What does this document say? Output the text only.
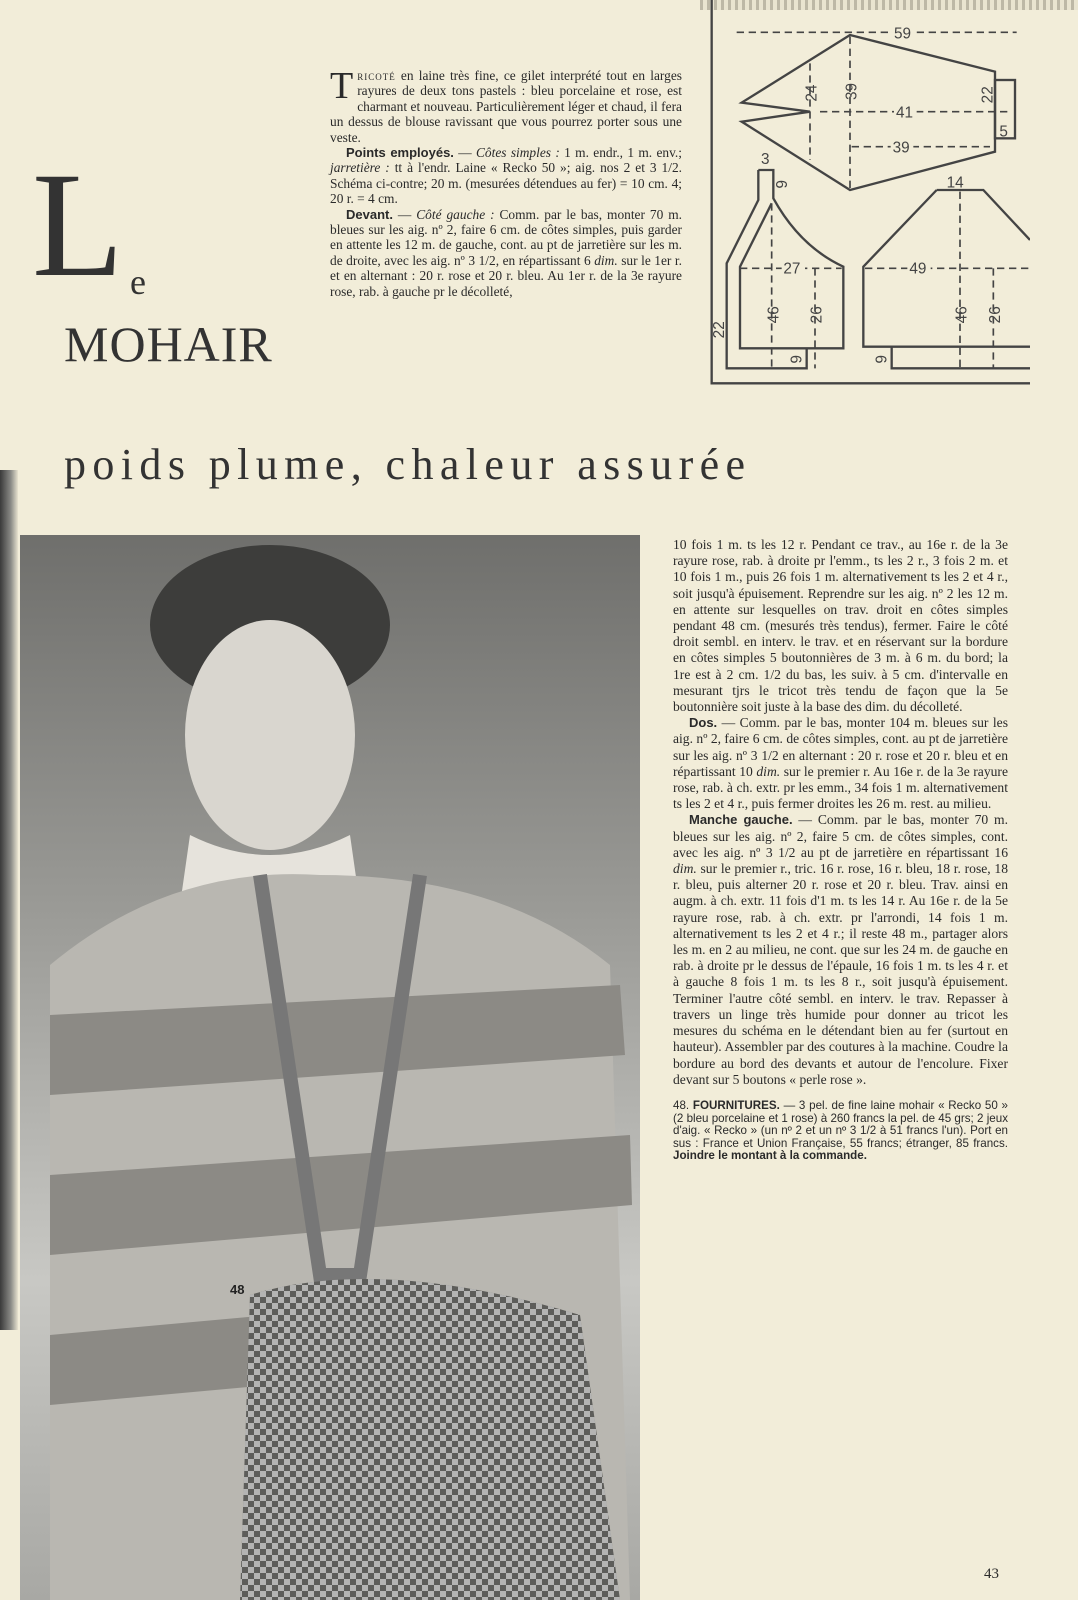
L e
MOHAIR
poids plume, chaleur assurée

Tricoté en laine très fine, ce gilet interprété tout en larges rayures de deux tons pastels : bleu porcelaine et rose, est charmant et nouveau. Particulièrement léger et chaud, il fera un dessus de blouse ravissant que vous pourrez porter sous une veste.

Points employés. — Côtes simples : 1 m. endr., 1 m. env.; jarretière : tt à l'endr. Laine « Recko 50 »; aig. nos 2 et 3 1/2. Schéma ci-contre; 20 m. (mesurées détendues au fer) = 10 cm. 4; 20 r. = 4 cm.

Devant. — Côté gauche : Comm. par le bas, monter 70 m. bleues sur les aig. nº 2, faire 6 cm. de côtes simples, puis garder en attente les 12 m. de gauche, cont. au pt de jarretière sur les m. de droite, avec les aig. nº 3 1/2, en répartissant 6 dim. sur le 1er r. et en alternant : 20 r. rose et 20 r. bleu. Au 1er r. de la 3e rayure rose, rab. à gauche pr le décolleté,

59
24 39
41
39
22
5
3
6
27
46 26
22
6
14
49
46 26
6
48

10 fois 1 m. ts les 12 r. Pendant ce trav., au 16e r. de la 3e rayure rose, rab. à droite pr l'emm., ts les 2 r., 3 fois 2 m. et 10 fois 1 m., puis 26 fois 1 m. alternativement ts les 2 et 4 r., soit jusqu'à épuisement. Reprendre sur les aig. nº 2 les 12 m. en attente sur lesquelles on trav. droit en côtes simples pendant 48 cm. (mesurés très tendus), fermer. Faire le côté droit sembl. en interv. le trav. et en réservant sur la bordure en côtes simples 5 boutonnières de 3 m. à 6 m. du bord; la 1re est à 2 cm. 1/2 du bas, les suiv. à 5 cm. d'intervalle en mesurant tjrs le tricot très tendu de façon que la 5e boutonnière soit juste à la base des dim. du décolleté.

Dos. — Comm. par le bas, monter 104 m. bleues sur les aig. nº 2, faire 6 cm. de côtes simples, cont. au pt de jarretière sur les aig. nº 3 1/2 en alternant : 20 r. rose et 20 r. bleu et en répartissant 10 dim. sur le premier r. Au 16e r. de la 3e rayure rose, rab. à ch. extr. pr les emm., 34 fois 1 m. alternativement ts les 2 et 4 r., puis fermer droites les 26 m. rest. au milieu.

Manche gauche. — Comm. par le bas, monter 70 m. bleues sur les aig. nº 2, faire 5 cm. de côtes simples, cont. avec les aig. nº 3 1/2 au pt de jarretière en répartissant 16 dim. sur le premier r., tric. 16 r. rose, 16 r. bleu, 18 r. rose, 18 r. bleu, puis alterner 20 r. rose et 20 r. bleu. Trav. ainsi en augm. à ch. extr. 11 fois d'1 m. ts les 14 r. Au 16e r. de la 5e rayure rose, rab. à ch. extr. pr l'arrondi, 14 fois 1 m. alternativement ts les 2 et 4 r.; il reste 48 m., partager alors les m. en 2 au milieu, ne cont. que sur les 24 m. de gauche en rab. à droite pr le dessus de l'épaule, 16 fois 1 m. ts les 4 r. et à gauche 8 fois 1 m. ts les 8 r., soit jusqu'à épuisement. Terminer l'autre côté sembl. en interv. le trav. Repasser à travers un linge très humide pour donner au tricot les mesures du schéma en le détendant bien au fer (surtout en hauteur). Assembler par des coutures à la machine. Coudre la bordure au bord des devants et autour de l'encolure. Fixer devant sur 5 boutons « perle rose ».

48. FOURNITURES. — 3 pel. de fine laine mohair « Recko 50 » (2 bleu porcelaine et 1 rose) à 260 francs la pel. de 45 grs; 2 jeux d'aig. « Recko » (un nº 2 et un nº 3 1/2 à 51 francs l'un). Port en sus : France et Union Française, 55 francs; étranger, 85 francs. Joindre le montant à la commande.
43
